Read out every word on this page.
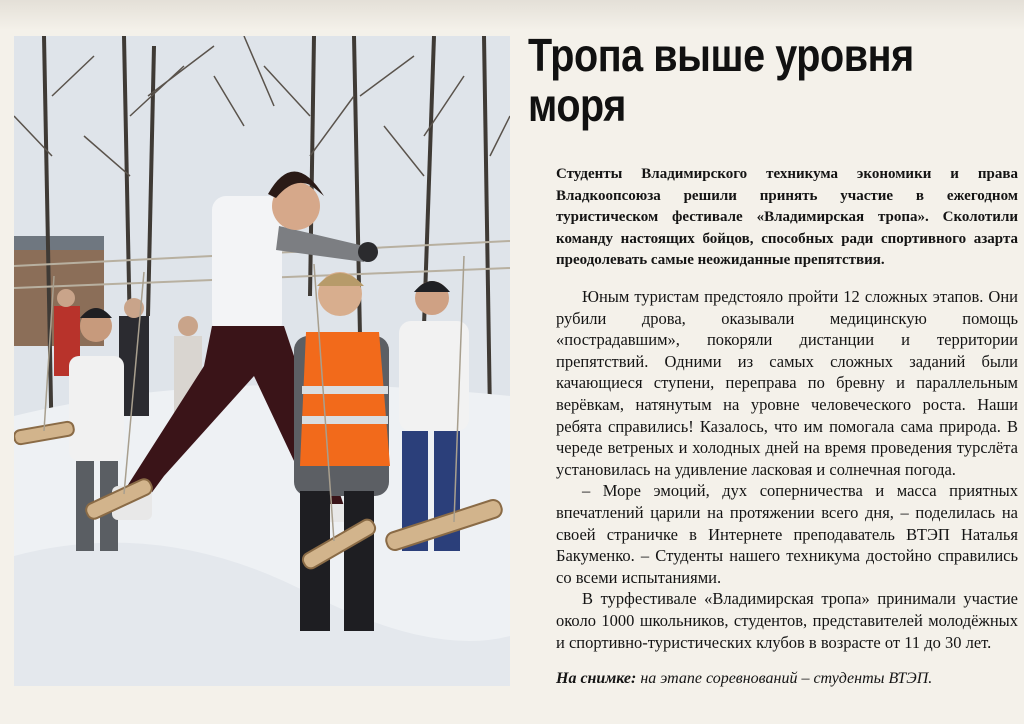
Тропа выше уровня моря

Студенты Владимирского техникума экономики и права Владкоопсоюза решили принять участие в ежегодном туристическом фестивале «Владимирская тропа». Сколотили команду настоящих бойцов, способных ради спортивного азарта преодолевать самые неожиданные препятствия.

Юным туристам предстояло пройти 12 сложных этапов. Они рубили дрова, оказывали медицинскую помощь «пострадавшим», покоряли дистанции и территории препятствий. Одними из самых сложных заданий были качающиеся ступени, переправа по бревну и параллельным верёвкам, натянутым на уровне человеческого роста. Наши ребята справились! Казалось, что им помогала сама природа. В череде ветреных и холодных дней на время проведения турслёта установилась на удивление ласковая и солнечная погода.

– Море эмоций, дух соперничества и масса приятных впечатлений царили на протяжении всего дня, – поделилась на своей страничке в Интернете преподаватель ВТЭП Наталья Бакуменко. – Студенты нашего техникума достойно справились со всеми испытаниями.

В турфестивале «Владимирская тропа» принимали участие около 1000 школьников, студентов, представителей молодёжных и спортивно-туристических клубов в возрасте от 11 до 30 лет.

На снимке: на этапе соревнований – студенты ВТЭП.
